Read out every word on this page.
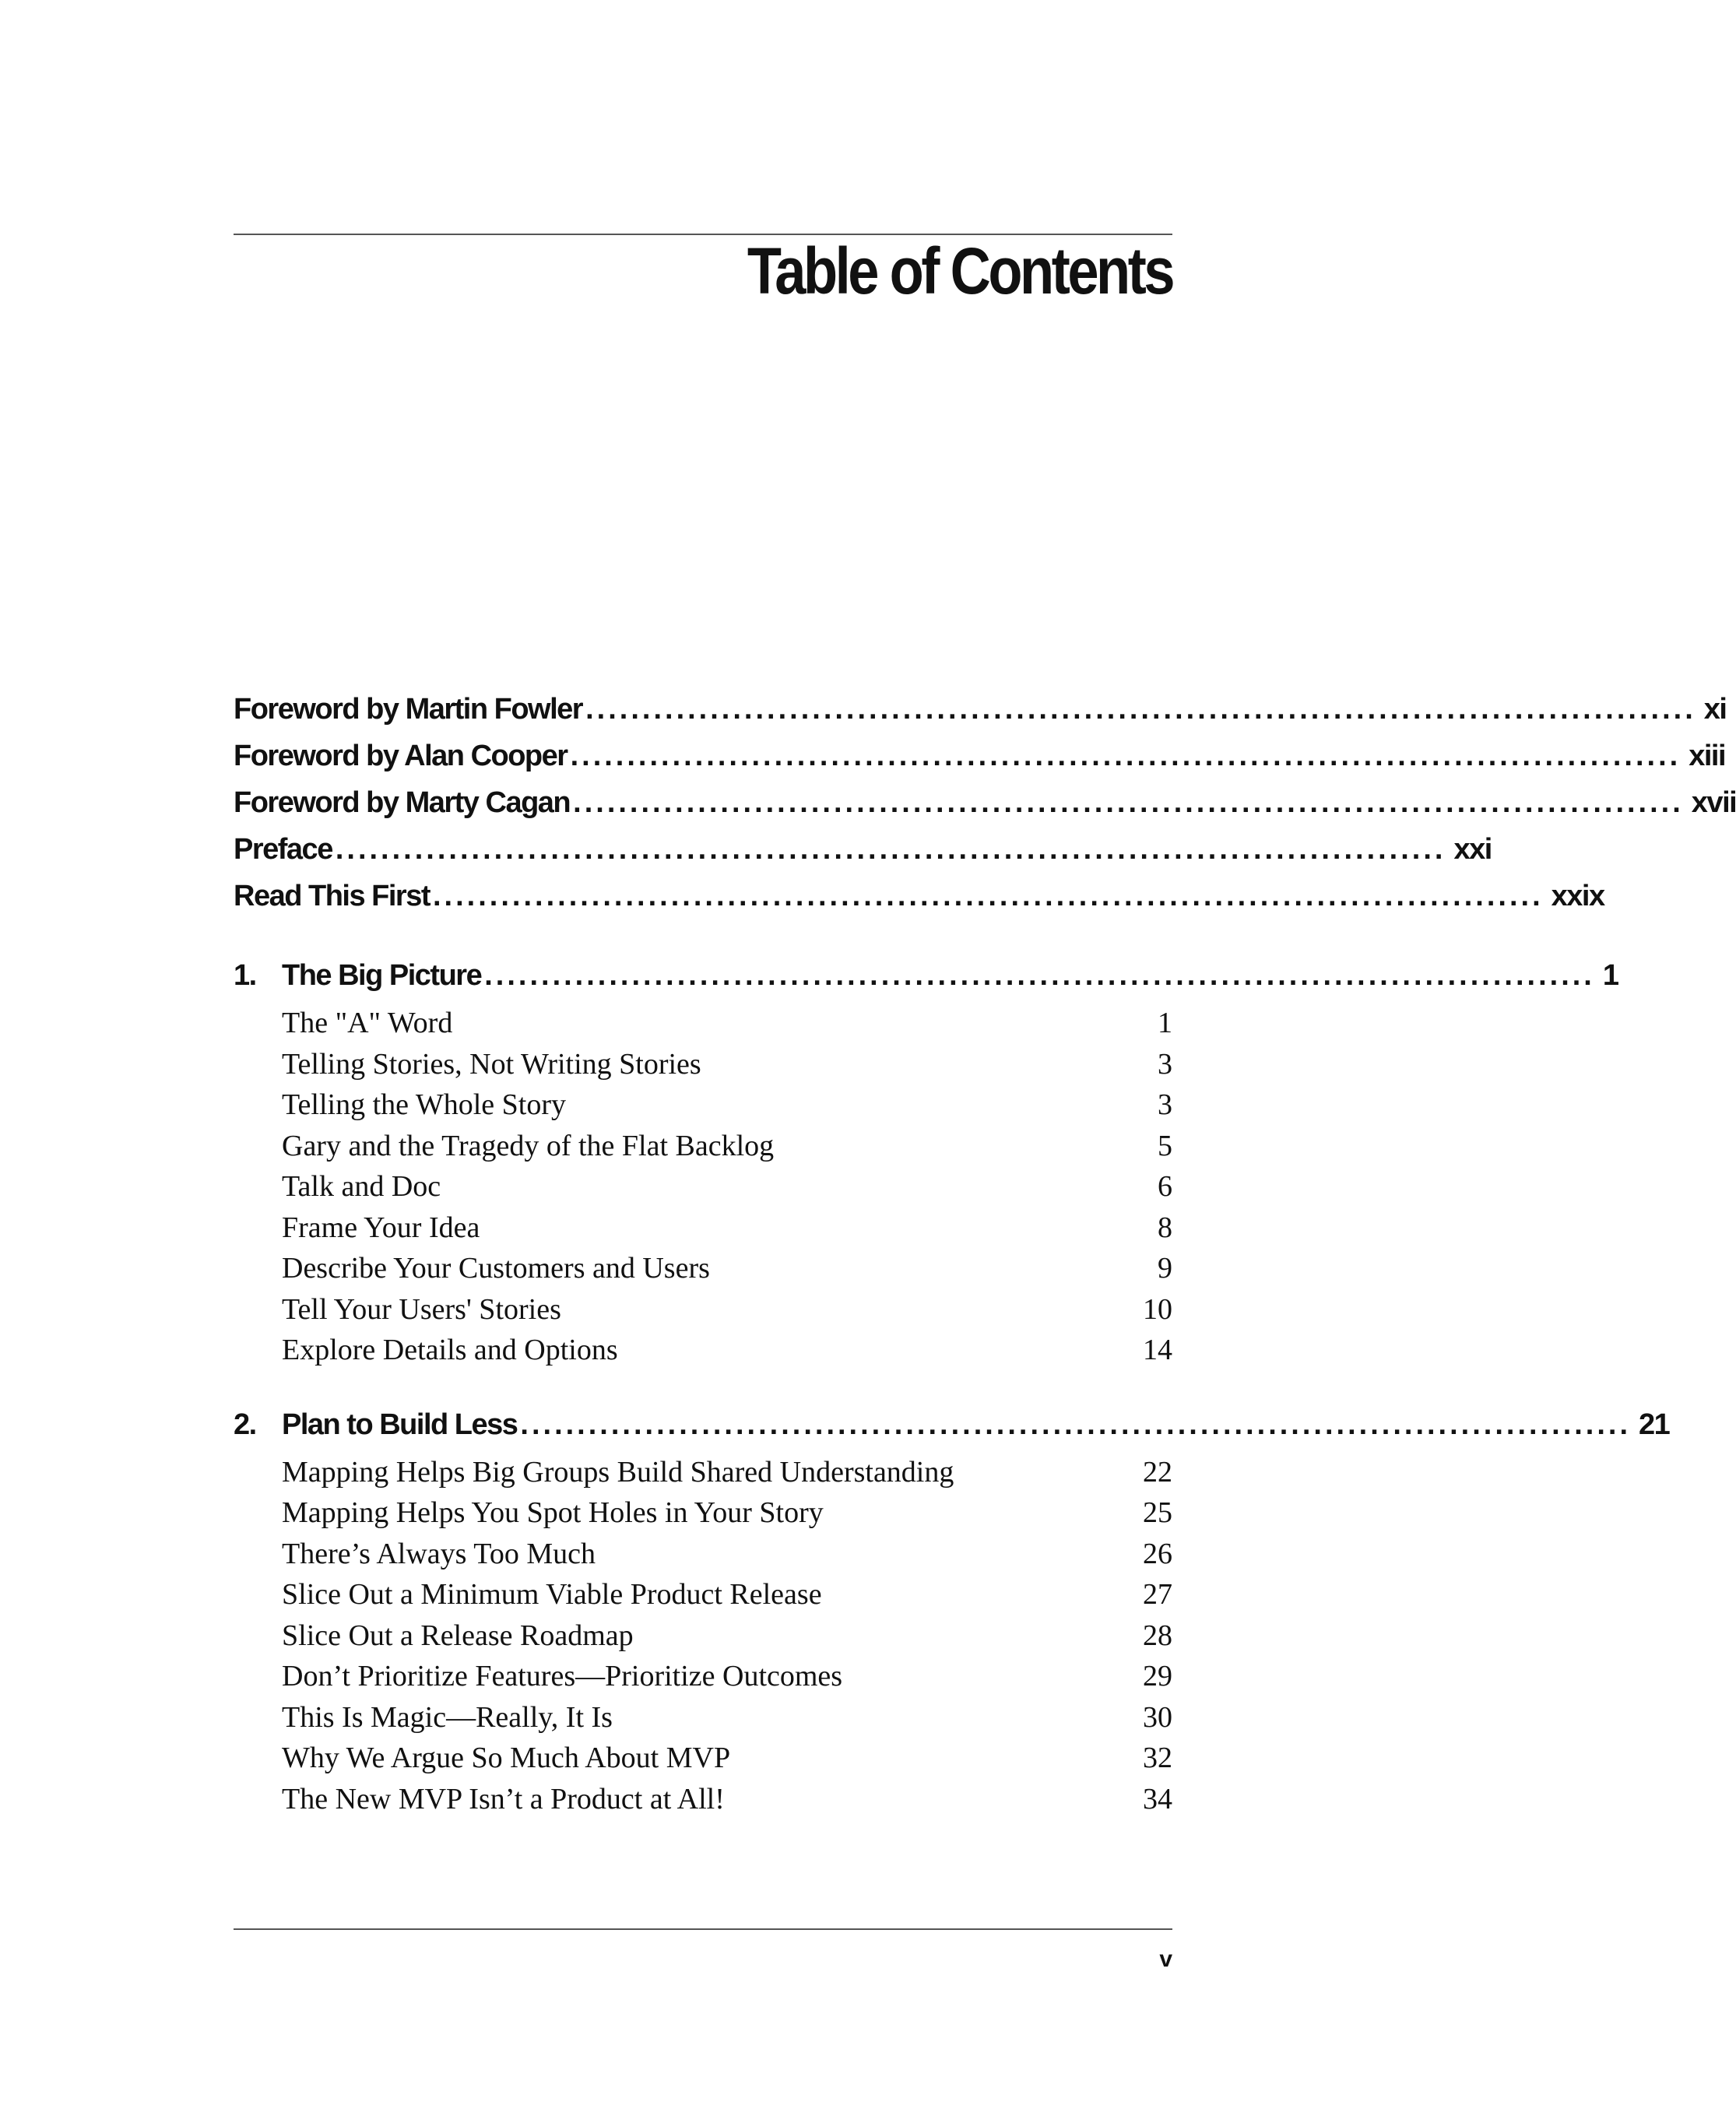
Table of Contents
Foreword by Martin Fowler .................................................................................................. xi
Foreword by Alan Cooper .................................................................................................. xiii
Foreword by Marty Cagan .................................................................................................. xvii
Preface .................................................................................................. xxi
Read This First .................................................................................................. xxix
1. The Big Picture .................................................................................................. 1
The "A" Word	1
Telling Stories, Not Writing Stories	3
Telling the Whole Story	3
Gary and the Tragedy of the Flat Backlog	5
Talk and Doc	6
Frame Your Idea	8
Describe Your Customers and Users	9
Tell Your Users' Stories	10
Explore Details and Options	14
2. Plan to Build Less .................................................................................................. 21
Mapping Helps Big Groups Build Shared Understanding	22
Mapping Helps You Spot Holes in Your Story	25
There’s Always Too Much	26
Slice Out a Minimum Viable Product Release	27
Slice Out a Release Roadmap	28
Don’t Prioritize Features—Prioritize Outcomes	29
This Is Magic—Really, It Is	30
Why We Argue So Much About MVP	32
The New MVP Isn’t a Product at All!	34
v
